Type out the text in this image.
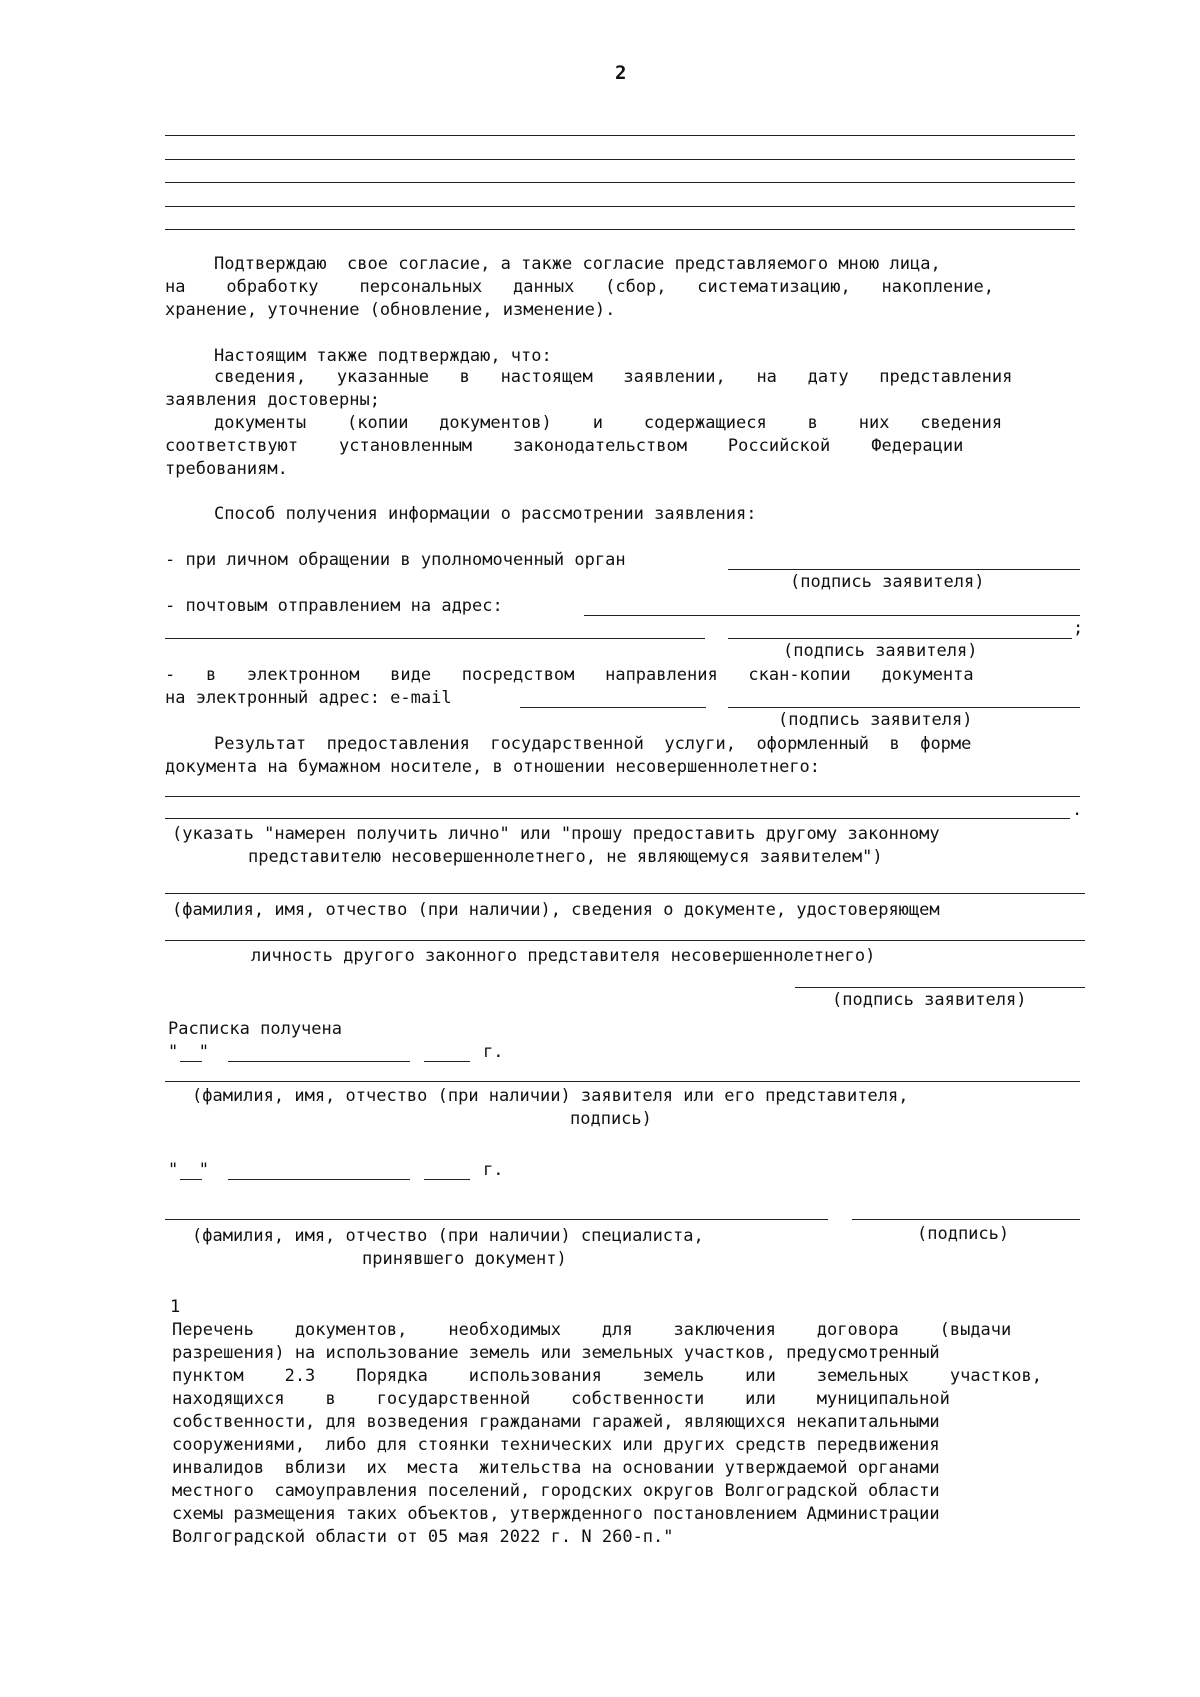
2
Подтверждаю  свое согласие, а также согласие представляемого мною лица,
на    обработку    персональных   данных   (сбор,   систематизацию,   накопление,
хранение, уточнение (обновление, изменение).
Настоящим также подтверждаю, что:
сведения,   указанные   в   настоящем   заявлении,   на   дату   представления
заявления достоверны;
документы    (копии   документов)    и    содержащиеся    в    них   сведения
соответствуют    установленным    законодательством    Российской    Федерации
требованиям.
Способ получения информации о рассмотрении заявления:
- при личном обращении в уполномоченный орган
(подпись заявителя)
- почтовым отправлением на адрес:
;
(подпись заявителя)
-   в   электронном   виде   посредством   направления   скан-копии   документа
на электронный адрес: e-mail
(подпись заявителя)
Результат  предоставления  государственной  услуги,  оформленный  в  форме
документа на бумажном носителе, в отношении несовершеннолетнего:
.
(указать "намерен получить лично" или "прошу предоставить другому законному
представителю несовершеннолетнего, не являющемуся заявителем")
(фамилия, имя, отчество (при наличии), сведения о документе, удостоверяющем
личность другого законного представителя несовершеннолетнего)
(подпись заявителя)
Расписка получена
"  "	г.
(фамилия, имя, отчество (при наличии) заявителя или его представителя,
подпись)
"  "	г.
(фамилия, имя, отчество (при наличии) специалиста,
принявшего документ)
(подпись)
1
Перечень    документов,    необходимых    для    заключения    договора    (выдачи
разрешения) на использование земель или земельных участков, предусмотренный
пунктом    2.3    Порядка    использования    земель    или    земельных    участков,
находящихся    в    государственной    собственности    или    муниципальной
собственности, для возведения гражданами гаражей, являющихся некапитальными
сооружениями,  либо для стоянки технических или других средств передвижения
инвалидов  вблизи  их  места  жительства на основании утверждаемой органами
местного  самоуправления поселений, городских округов Волгоградской области
схемы размещения таких объектов, утвержденного постановлением Администрации
Волгоградской области от 05 мая 2022 г. N 260-п."
